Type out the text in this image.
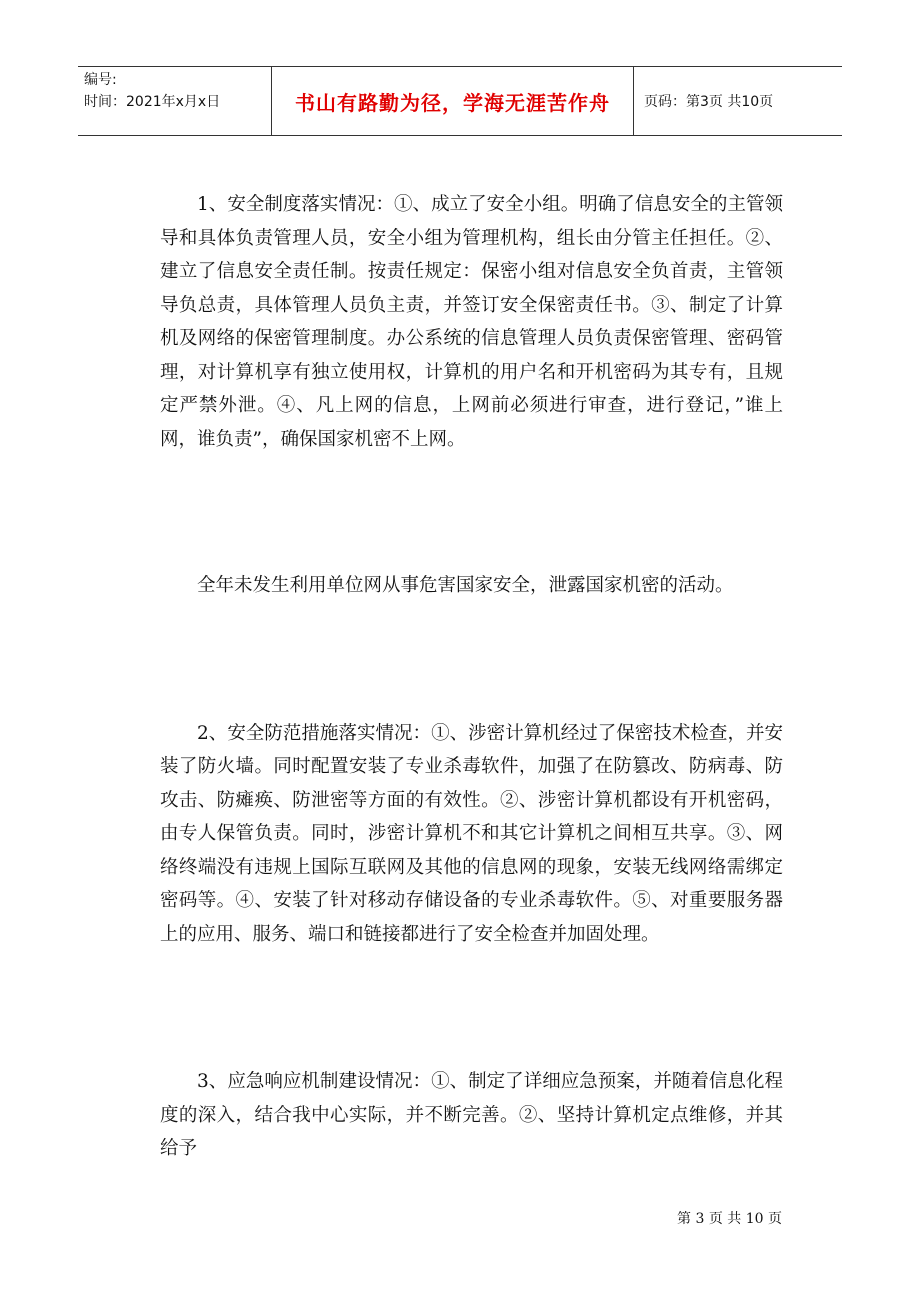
编号:
时间：2021年x月x日	书山有路勤为径，学海无涯苦作舟	页码：第3页 共10页

1、安全制度落实情况：①、成立了安全小组。明确了信息安全的主管领导和具体负责管理人员，安全小组为管理机构，组长由分管主任担任。②、建立了信息安全责任制。按责任规定：保密小组对信息安全负首责，主管领导负总责，具体管理人员负主责，并签订安全保密责任书。③、制定了计算机及网络的保密管理制度。办公系统的信息管理人员负责保密管理、密码管理，对计算机享有独立使用权，计算机的用户名和开机密码为其专有，且规定严禁外泄。④、凡上网的信息，上网前必须进行审查，进行登记，”谁上网，谁负责”，确保国家机密不上网。

全年未发生利用单位网从事危害国家安全，泄露国家机密的活动。

2、安全防范措施落实情况：①、涉密计算机经过了保密技术检查，并安装了防火墙。同时配置安装了专业杀毒软件，加强了在防篡改、防病毒、防攻击、防瘫痪、防泄密等方面的有效性。②、涉密计算机都设有开机密码，由专人保管负责。同时，涉密计算机不和其它计算机之间相互共享。③、网络终端没有违规上国际互联网及其他的信息网的现象，安装无线网络需绑定密码等。④、安装了针对移动存储设备的专业杀毒软件。⑤、对重要服务器上的应用、服务、端口和链接都进行了安全检查并加固处理。

3、应急响应机制建设情况：①、制定了详细应急预案，并随着信息化程度的深入，结合我中心实际，并不断完善。②、坚持计算机定点维修，并其给予

第 3 页 共 10 页
